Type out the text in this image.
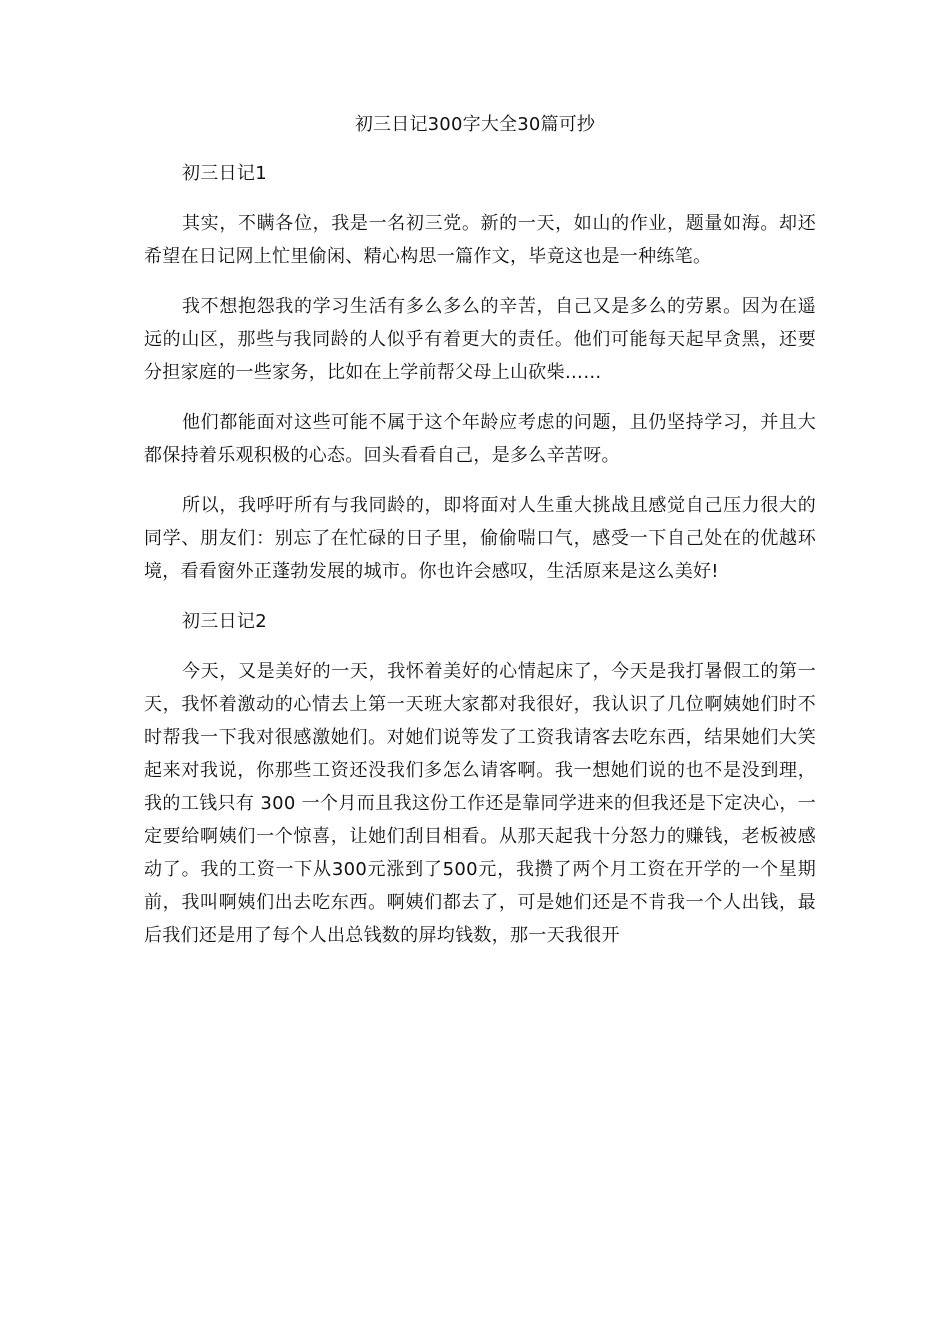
初三日记300字大全30篇可抄

初三日记1

其实，不瞒各位，我是一名初三党。新的一天，如山的作业，题量如海。却还希望在日记网上忙里偷闲、精心构思一篇作文，毕竟这也是一种练笔。

我不想抱怨我的学习生活有多么多么的辛苦，自己又是多么的劳累。因为在遥远的山区，那些与我同龄的人似乎有着更大的责任。他们可能每天起早贪黑，还要分担家庭的一些家务，比如在上学前帮父母上山砍柴……

他们都能面对这些可能不属于这个年龄应考虑的问题，且仍坚持学习，并且大都保持着乐观积极的心态。回头看看自己，是多么辛苦呀。

所以，我呼吁所有与我同龄的，即将面对人生重大挑战且感觉自己压力很大的同学、朋友们：别忘了在忙碌的日子里，偷偷喘口气，感受一下自己处在的优越环境，看看窗外正蓬勃发展的城市。你也许会感叹，生活原来是这么美好!

初三日记2

今天，又是美好的一天，我怀着美好的心情起床了，今天是我打暑假工的第一天，我怀着激动的心情去上第一天班大家都对我很好，我认识了几位啊姨她们时不时帮我一下我对很感激她们。对她们说等发了工资我请客去吃东西，结果她们大笑起来对我说，你那些工资还没我们多怎么请客啊。我一想她们说的也不是没到理，我的工钱只有 300 一个月而且我这份工作还是靠同学进来的但我还是下定决心，一定要给啊姨们一个惊喜，让她们刮目相看。从那天起我十分怒力的赚钱，老板被感动了。我的工资一下从300元涨到了500元，我攒了两个月工资在开学的一个星期前，我叫啊姨们出去吃东西。啊姨们都去了，可是她们还是不肯我一个人出钱，最后我们还是用了每个人出总钱数的屏均钱数，那一天我很开
